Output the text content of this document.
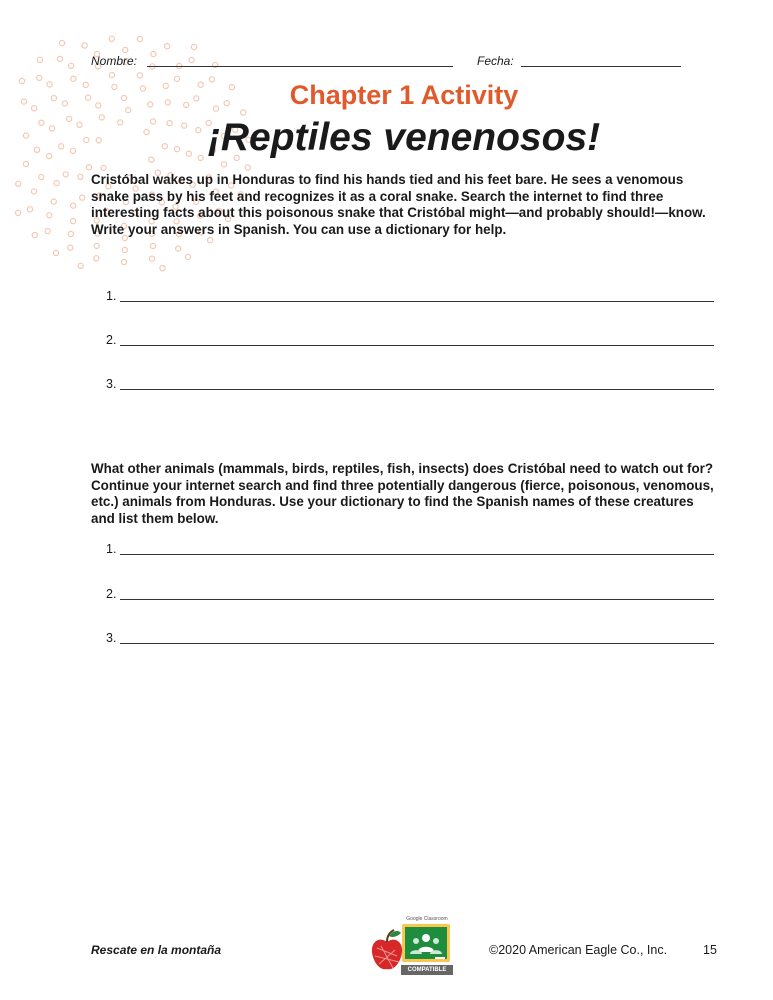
Nombre:	Fecha:
Chapter 1 Activity
¡Reptiles venenosos!
Cristóbal wakes up in Honduras to find his hands tied and his feet bare. He sees a venomous snake pass by his feet and recognizes it as a coral snake. Search the internet to find three interesting facts about this poisonous snake that Cristóbal might—and probably should!—know. Write your answers in Spanish. You can use a dictionary for help.
1.
2.
3.
What other animals (mammals, birds, reptiles, fish, insects) does Cristóbal need to watch out for? Continue your internet search and find three potentially dangerous (fierce, poisonous, venomous, etc.) animals from Honduras. Use your dictionary to find the Spanish names of these creatures and list them below.
1.
2.
3.
Rescate en la montaña
Google Classroom
COMPATIBLE
©2020 American Eagle Co., Inc.	15
